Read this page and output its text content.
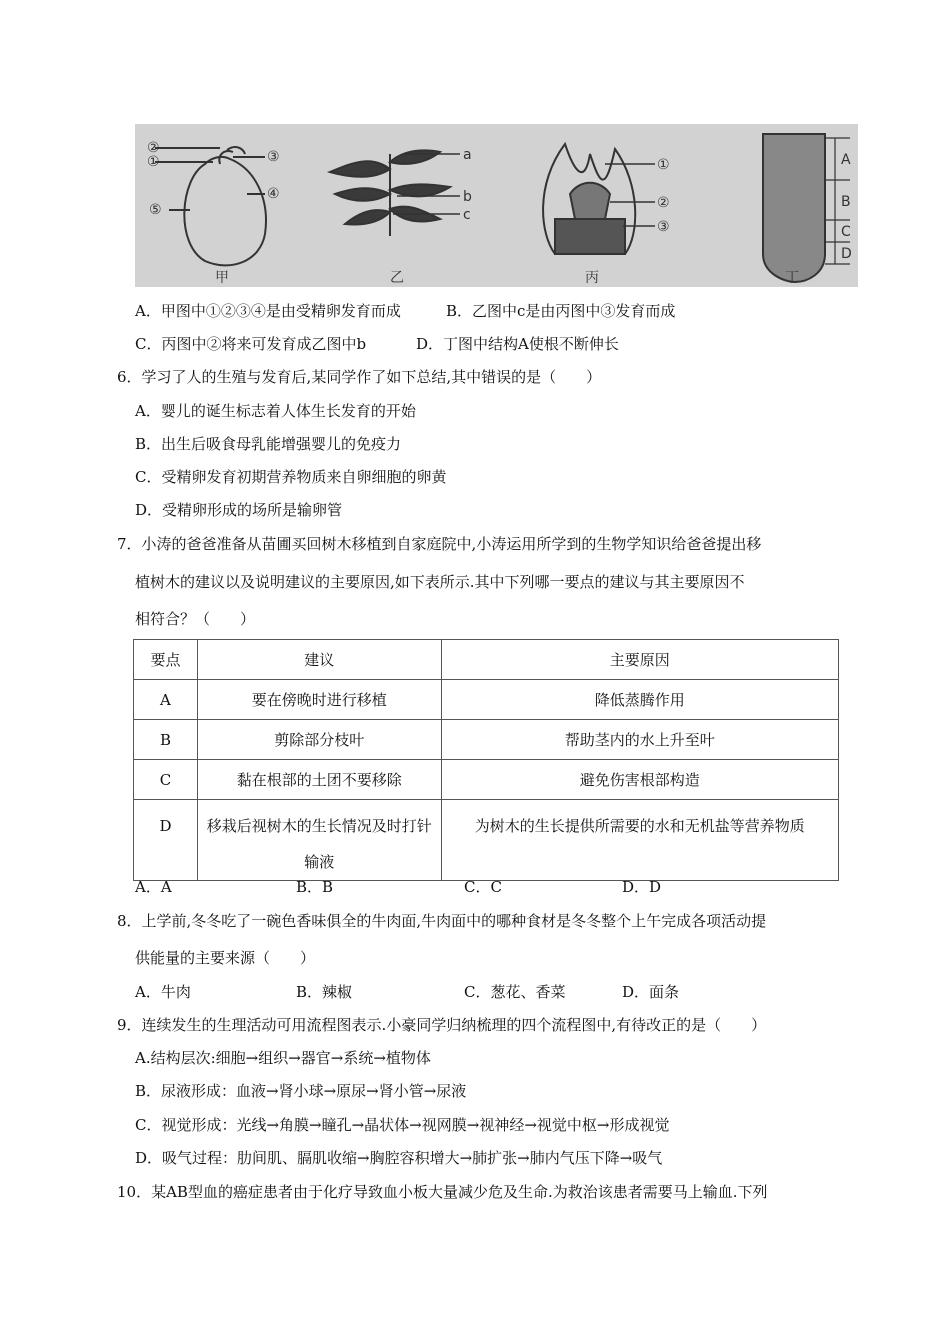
②
①	③
④
⑤
a
b
c
①
②
③
A
B
C
D
甲	乙	丙	丁
A．甲图中①②③④是由受精卵发育而成	B．乙图中c是由丙图中③发育而成
C．丙图中②将来可发育成乙图中b	D．丁图中结构A使根不断伸长
6．学习了人的生殖与发育后,某同学作了如下总结,其中错误的是（　　）
A．婴儿的诞生标志着人体生长发育的开始
B．出生后吸食母乳能增强婴儿的免疫力
C．受精卵发育初期营养物质来自卵细胞的卵黄
D．受精卵形成的场所是输卵管
7．小涛的爸爸准备从苗圃买回树木移植到自家庭院中,小涛运用所学到的生物学知识给爸爸提出移
植树木的建议以及说明建议的主要原因,如下表所示.其中下列哪一要点的建议与其主要原因不
相符合？（　　）
要点	建议	主要原因
A	要在傍晚时进行移植	降低蒸腾作用
B	剪除部分枝叶	帮助茎内的水上升至叶
C	黏在根部的土团不要移除	避免伤害根部构造
D	移栽后视树木的生长情况及时打针输液	为树木的生长提供所需要的水和无机盐等营养物质
A．A	B．B	C．C	D．D
8．上学前,冬冬吃了一碗色香味俱全的牛肉面,牛肉面中的哪种食材是冬冬整个上午完成各项活动提
供能量的主要来源（　　）
A．牛肉	B．辣椒	C．葱花、香菜	D．面条
9．连续发生的生理活动可用流程图表示.小豪同学归纳梳理的四个流程图中,有待改正的是（　　）
A.结构层次:细胞→组织→器官→系统→植物体
B．尿液形成：血液→肾小球→原尿→肾小管→尿液
C．视觉形成：光线→角膜→瞳孔→晶状体→视网膜→视神经→视觉中枢→形成视觉
D．吸气过程：肋间肌、膈肌收缩→胸腔容积增大→肺扩张→肺内气压下降→吸气
10．某AB型血的癌症患者由于化疗导致血小板大量减少危及生命.为救治该患者需要马上输血.下列
